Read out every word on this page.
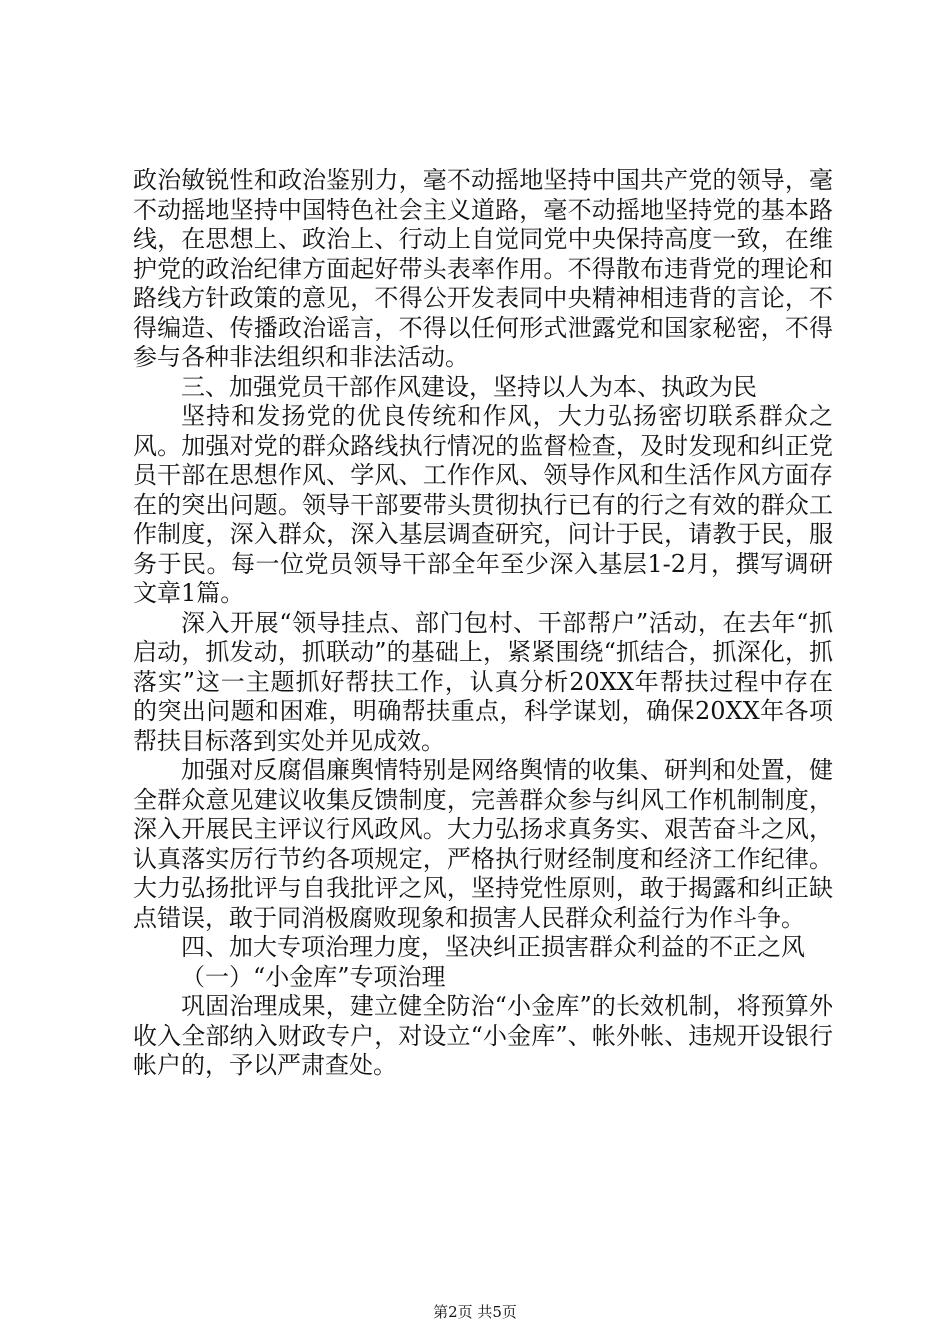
政治敏锐性和政治鉴别力，毫不动摇地坚持中国共产党的领导，毫不动摇地坚持中国特色社会主义道路，毫不动摇地坚持党的基本路线，在思想上、政治上、行动上自觉同党中央保持高度一致，在维护党的政治纪律方面起好带头表率作用。不得散布违背党的理论和路线方针政策的意见，不得公开发表同中央精神相违背的言论，不得编造、传播政治谣言，不得以任何形式泄露党和国家秘密，不得参与各种非法组织和非法活动。

三、加强党员干部作风建设，坚持以人为本、执政为民

坚持和发扬党的优良传统和作风，大力弘扬密切联系群众之风。加强对党的群众路线执行情况的监督检查，及时发现和纠正党员干部在思想作风、学风、工作作风、领导作风和生活作风方面存在的突出问题。领导干部要带头贯彻执行已有的行之有效的群众工作制度，深入群众，深入基层调查研究，问计于民，请教于民，服务于民。每一位党员领导干部全年至少深入基层1-2月，撰写调研文章1篇。

深入开展“领导挂点、部门包村、干部帮户”活动，在去年“抓启动，抓发动，抓联动”的基础上，紧紧围绕“抓结合，抓深化，抓落实”这一主题抓好帮扶工作，认真分析20XX年帮扶过程中存在的突出问题和困难，明确帮扶重点，科学谋划，确保20XX年各项帮扶目标落到实处并见成效。

加强对反腐倡廉舆情特别是网络舆情的收集、研判和处置，健全群众意见建议收集反馈制度，完善群众参与纠风工作机制制度，深入开展民主评议行风政风。大力弘扬求真务实、艰苦奋斗之风，认真落实厉行节约各项规定，严格执行财经制度和经济工作纪律。大力弘扬批评与自我批评之风，坚持党性原则，敢于揭露和纠正缺点错误，敢于同消极腐败现象和损害人民群众利益行为作斗争。

四、加大专项治理力度，坚决纠正损害群众利益的不正之风

（一）“小金库”专项治理

巩固治理成果，建立健全防治“小金库”的长效机制，将预算外收入全部纳入财政专户，对设立“小金库”、帐外帐、违规开设银行帐户的，予以严肃查处。

第2页 共5页
